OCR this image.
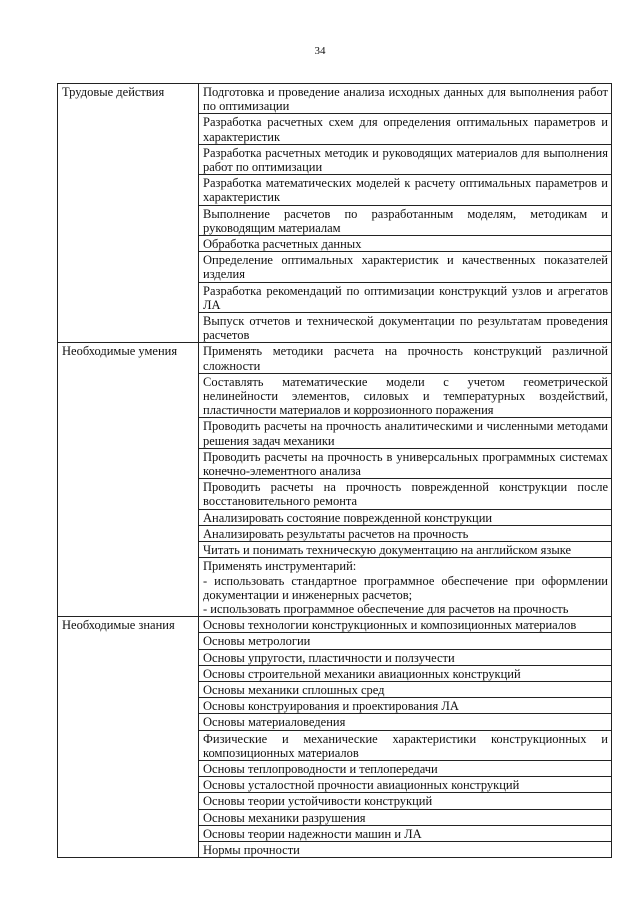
34
Трудовые действия	Подготовка и проведение анализа исходных данных для выполнения работ по оптимизации

	Разработка расчетных схем для определения оптимальных параметров и характеристик

	Разработка расчетных методик и руководящих материалов для выполнения работ по оптимизации

	Разработка математических моделей к расчету оптимальных параметров и характеристик

	Выполнение расчетов по разработанным моделям, методикам и руководящим материалам

	Обработка расчетных данных

	Определение оптимальных характеристик и качественных показателей изделия

	Разработка рекомендаций по оптимизации конструкций узлов и агрегатов ЛА

	Выпуск отчетов и технической документации по результатам проведения расчетов

Необходимые умения	Применять методики расчета на прочность конструкций различной сложности

	Составлять математические модели с учетом геометрической нелинейности элементов, силовых и температурных воздействий, пластичности материалов и коррозионного поражения

	Проводить расчеты на прочность аналитическими и численными методами решения задач механики

	Проводить расчеты на прочность в универсальных программных системах конечно-элементного анализа

	Проводить расчеты на прочность поврежденной конструкции после восстановительного ремонта

	Анализировать состояние поврежденной конструкции

	Анализировать результаты расчетов на прочность

	Читать и понимать техническую документацию на английском языке

	Применять инструментарий:
- использовать стандартное программное обеспечение при оформлении документации и инженерных расчетов;
- использовать программное обеспечение для расчетов на прочность

Необходимые знания	Основы технологии конструкционных и композиционных материалов

	Основы метрологии

	Основы упругости, пластичности и ползучести

	Основы строительной механики авиационных конструкций

	Основы механики сплошных сред

	Основы конструирования и проектирования ЛА

	Основы материаловедения

	Физические и механические характеристики конструкционных и композиционных материалов

	Основы теплопроводности и теплопередачи

	Основы усталостной прочности авиационных конструкций

	Основы теории устойчивости конструкций

	Основы механики разрушения

	Основы теории надежности машин и ЛА

	Нормы прочности
